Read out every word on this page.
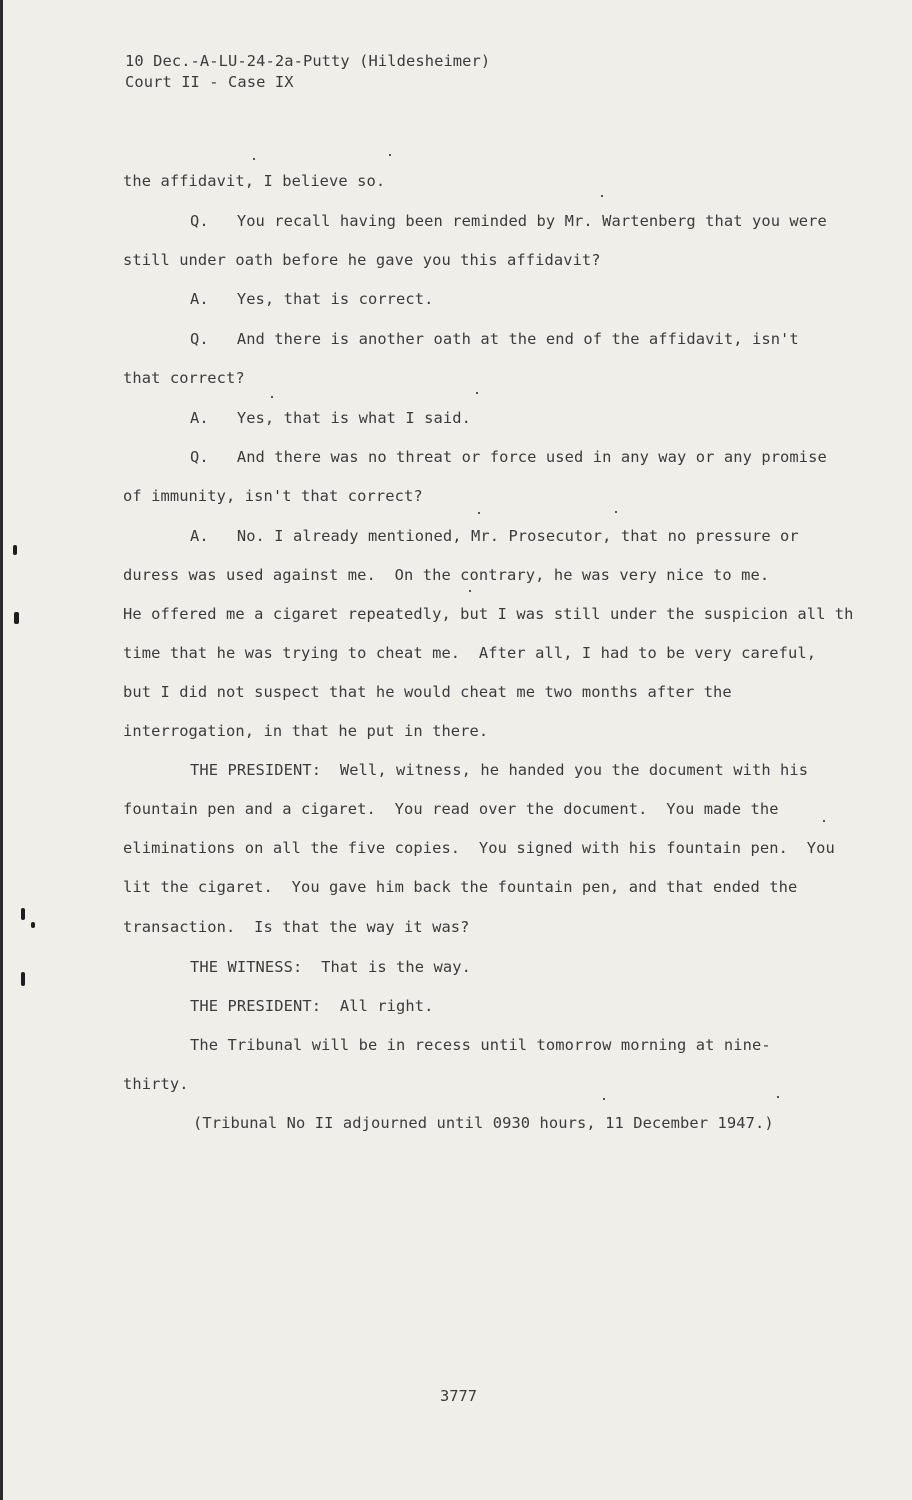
10 Dec.-A-LU-24-2a-Putty (Hildesheimer)
Court II - Case IX
the affidavit, I believe so.
Q.   You recall having been reminded by Mr. Wartenberg that you were
still under oath before he gave you this affidavit?
A.   Yes, that is correct.
Q.   And there is another oath at the end of the affidavit, isn't
that correct?
A.   Yes, that is what I said.
Q.   And there was no threat or force used in any way or any promise
of immunity, isn't that correct?
A.   No. I already mentioned, Mr. Prosecutor, that no pressure or
duress was used against me.  On the contrary, he was very nice to me.
He offered me a cigaret repeatedly, but I was still under the suspicion all th
time that he was trying to cheat me.  After all, I had to be very careful,
but I did not suspect that he would cheat me two months after the
interrogation, in that he put in there.
THE PRESIDENT:  Well, witness, he handed you the document with his
fountain pen and a cigaret.  You read over the document.  You made the
eliminations on all the five copies.  You signed with his fountain pen.  You
lit the cigaret.  You gave him back the fountain pen, and that ended the
transaction.  Is that the way it was?
THE WITNESS:  That is the way.
THE PRESIDENT:  All right.
The Tribunal will be in recess until tomorrow morning at nine-
thirty.
(Tribunal No II adjourned until 0930 hours, 11 December 1947.)
3777
